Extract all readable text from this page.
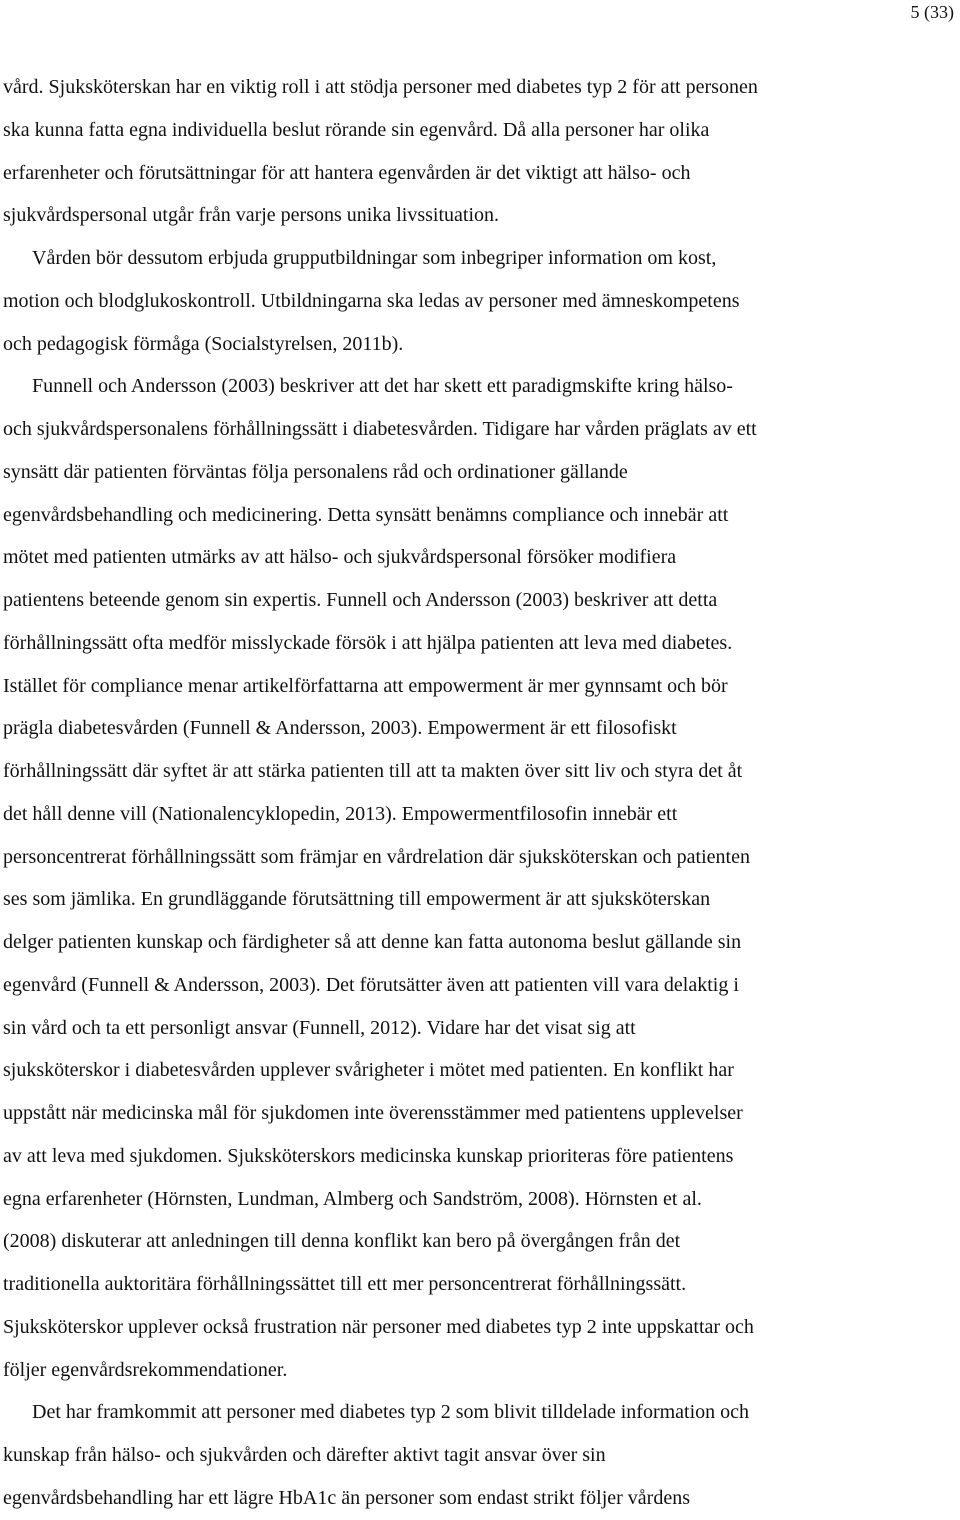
5 (33)
vård. Sjuksköterskan har en viktig roll i att stödja personer med diabetes typ 2 för att personen
ska kunna fatta egna individuella beslut rörande sin egenvård. Då alla personer har olika
erfarenheter och förutsättningar för att hantera egenvården är det viktigt att hälso- och
sjukvårdspersonal utgår från varje persons unika livssituation.
Vården bör dessutom erbjuda grupputbildningar som inbegriper information om kost,
motion och blodglukoskontroll. Utbildningarna ska ledas av personer med ämneskompetens
och pedagogisk förmåga (Socialstyrelsen, 2011b).
Funnell och Andersson (2003) beskriver att det har skett ett paradigmskifte kring hälso-
och sjukvårdspersonalens förhållningssätt i diabetesvården. Tidigare har vården präglats av ett
synsätt där patienten förväntas följa personalens råd och ordinationer gällande
egenvårdsbehandling och medicinering. Detta synsätt benämns compliance och innebär att
mötet med patienten utmärks av att hälso- och sjukvårdspersonal försöker modifiera
patientens beteende genom sin expertis. Funnell och Andersson (2003) beskriver att detta
förhållningssätt ofta medför misslyckade försök i att hjälpa patienten att leva med diabetes.
Istället för compliance menar artikelförfattarna att empowerment är mer gynnsamt och bör
prägla diabetesvården (Funnell & Andersson, 2003). Empowerment är ett filosofiskt
förhållningssätt där syftet är att stärka patienten till att ta makten över sitt liv och styra det åt
det håll denne vill (Nationalencyklopedin, 2013). Empowermentfilosofin innebär ett
personcentrerat förhållningssätt som främjar en vårdrelation där sjuksköterskan och patienten
ses som jämlika. En grundläggande förutsättning till empowerment är att sjuksköterskan
delger patienten kunskap och färdigheter så att denne kan fatta autonoma beslut gällande sin
egenvård (Funnell & Andersson, 2003). Det förutsätter även att patienten vill vara delaktig i
sin vård och ta ett personligt ansvar (Funnell, 2012). Vidare har det visat sig att
sjuksköterskor i diabetesvården upplever svårigheter i mötet med patienten. En konflikt har
uppstått när medicinska mål för sjukdomen inte överensstämmer med patientens upplevelser
av att leva med sjukdomen. Sjuksköterskors medicinska kunskap prioriteras före patientens
egna erfarenheter (Hörnsten, Lundman, Almberg och Sandström, 2008). Hörnsten et al.
(2008) diskuterar att anledningen till denna konflikt kan bero på övergången från det
traditionella auktoritära förhållningssättet till ett mer personcentrerat förhållningssätt.
Sjuksköterskor upplever också frustration när personer med diabetes typ 2 inte uppskattar och
följer egenvårdsrekommendationer.
Det har framkommit att personer med diabetes typ 2 som blivit tilldelade information och
kunskap från hälso- och sjukvården och därefter aktivt tagit ansvar över sin
egenvårdsbehandling har ett lägre HbA1c än personer som endast strikt följer vårdens
